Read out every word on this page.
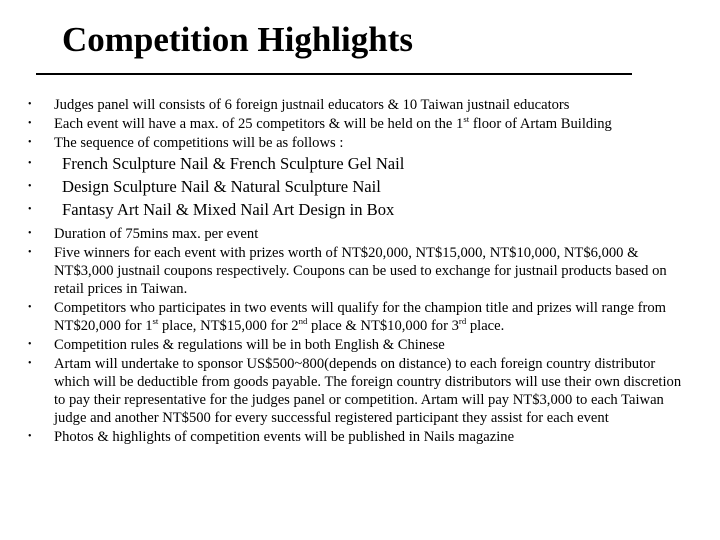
Competition Highlights
• Judges panel will consists of 6 foreign justnail educators & 10 Taiwan justnail educators
• Each event will have a max. of 25 competitors & will be held on the 1st floor of Artam Building
• The sequence of competitions will be as follows :
• French Sculpture Nail & French Sculpture Gel Nail
• Design Sculpture Nail & Natural Sculpture Nail
• Fantasy Art Nail & Mixed Nail Art Design in Box
• Duration of 75mins max. per event
• Five winners for each event with prizes worth of NT$20,000, NT$15,000, NT$10,000, NT$6,000 & NT$3,000 justnail coupons respectively. Coupons can be used to exchange for justnail products based on retail prices in Taiwan.
• Competitors who participates in two events will qualify for the champion title and prizes will range from NT$20,000 for 1st place, NT$15,000 for 2nd place & NT$10,000 for 3rd place.
• Competition rules & regulations will be in both English & Chinese
• Artam will undertake to sponsor US$500~800(depends on distance) to each foreign country distributor which will be deductible from goods payable. The foreign country distributors will use their own discretion to pay their representative for the judges panel or competition. Artam will pay NT$3,000 to each Taiwan judge and another NT$500 for every successful registered participant they assist for each event
• Photos & highlights of competition events will be published in Nails magazine
